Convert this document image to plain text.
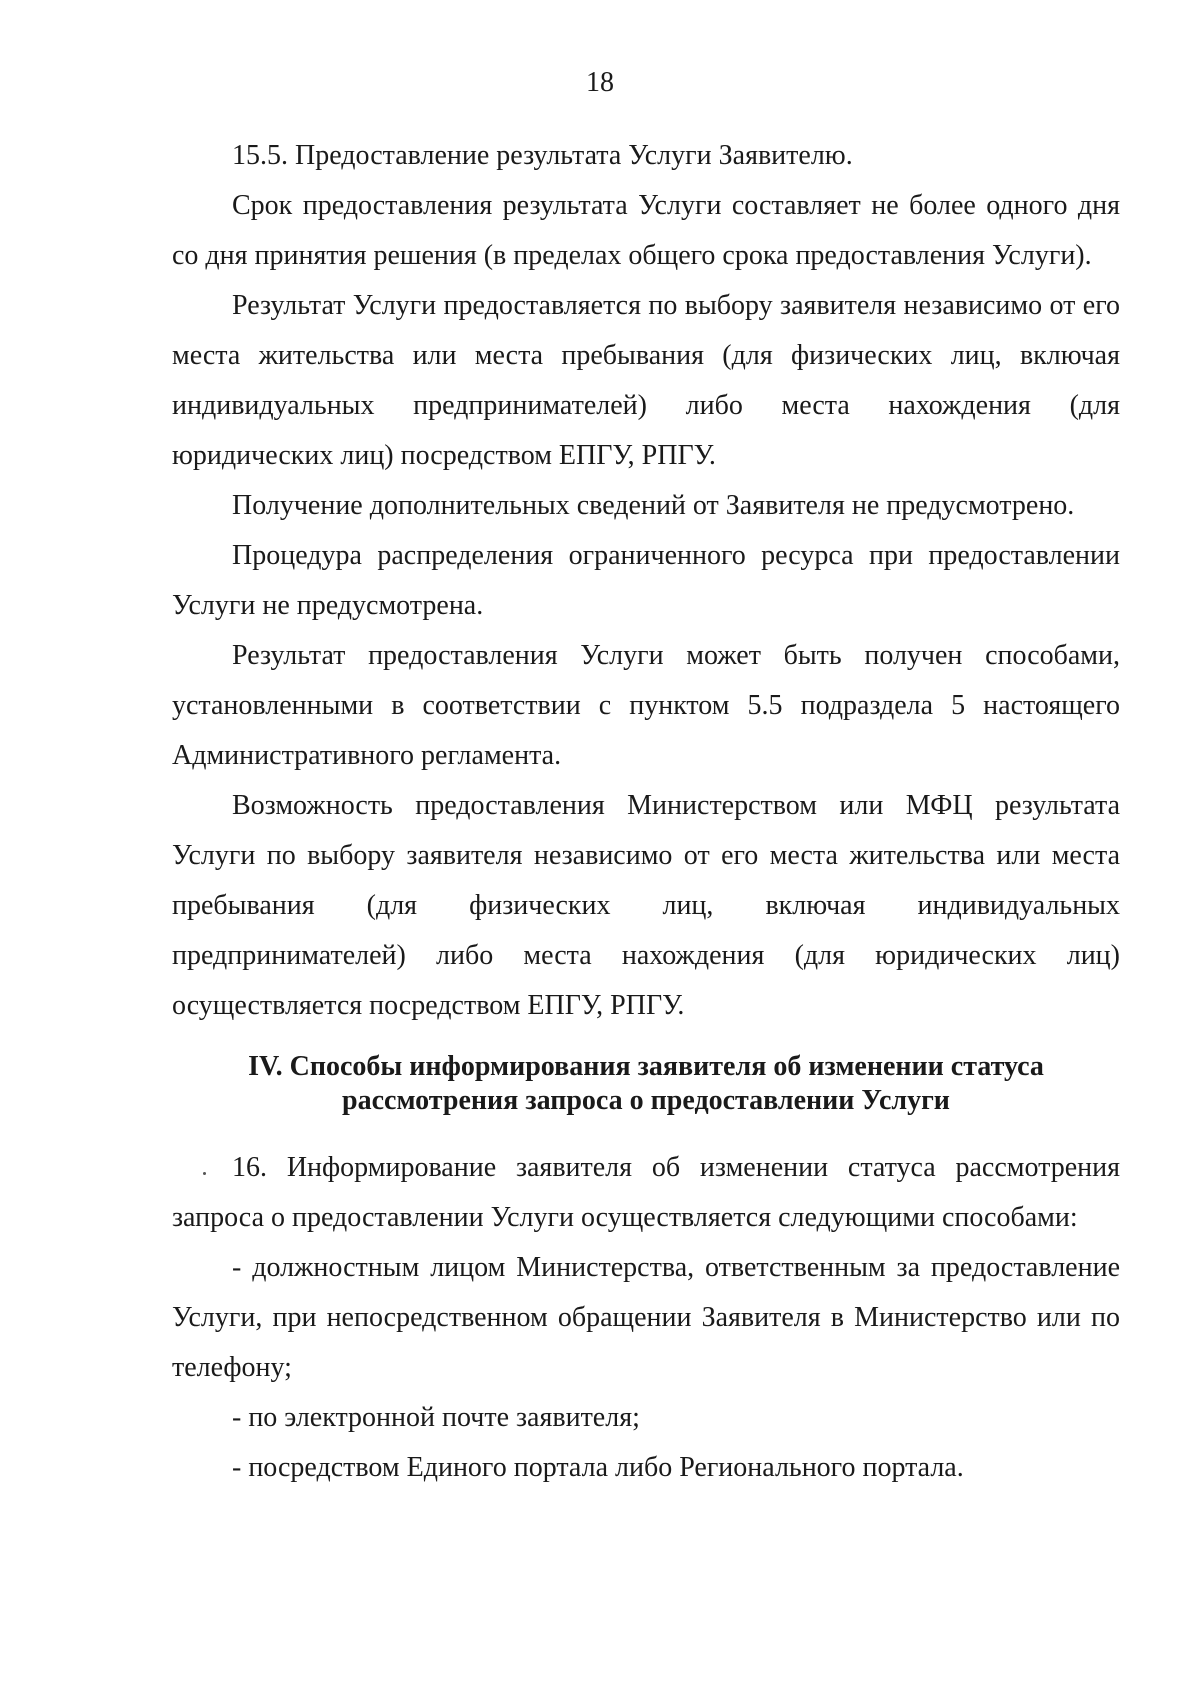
18

15.5. Предоставление результата Услуги Заявителю.

Срок предоставления результата Услуги составляет не более одного дня со дня принятия решения (в пределах общего срока предоставления Услуги).

Результат Услуги предоставляется по выбору заявителя независимо от его места жительства или места пребывания (для физических лиц, включая индивидуальных предпринимателей) либо места нахождения (для юридических лиц) посредством ЕПГУ, РПГУ.

Получение дополнительных сведений от Заявителя не предусмотрено.

Процедура распределения ограниченного ресурса при предоставлении Услуги не предусмотрена.

Результат предоставления Услуги может быть получен способами, установленными в соответствии с пунктом 5.5 подраздела 5 настоящего Административного регламента.

Возможность предоставления Министерством или МФЦ результата Услуги по выбору заявителя независимо от его места жительства или места пребывания (для физических лиц, включая индивидуальных предпринимателей) либо места нахождения (для юридических лиц) осуществляется посредством ЕПГУ, РПГУ.

IV. Способы информирования заявителя об изменении статуса
рассмотрения запроса о предоставлении Услуги

16. Информирование заявителя об изменении статуса рассмотрения запроса о предоставлении Услуги осуществляется следующими способами:

- должностным лицом Министерства, ответственным за предоставление Услуги, при непосредственном обращении Заявителя в Министерство или по телефону;

- по электронной почте заявителя;

- посредством Единого портала либо Регионального портала.
